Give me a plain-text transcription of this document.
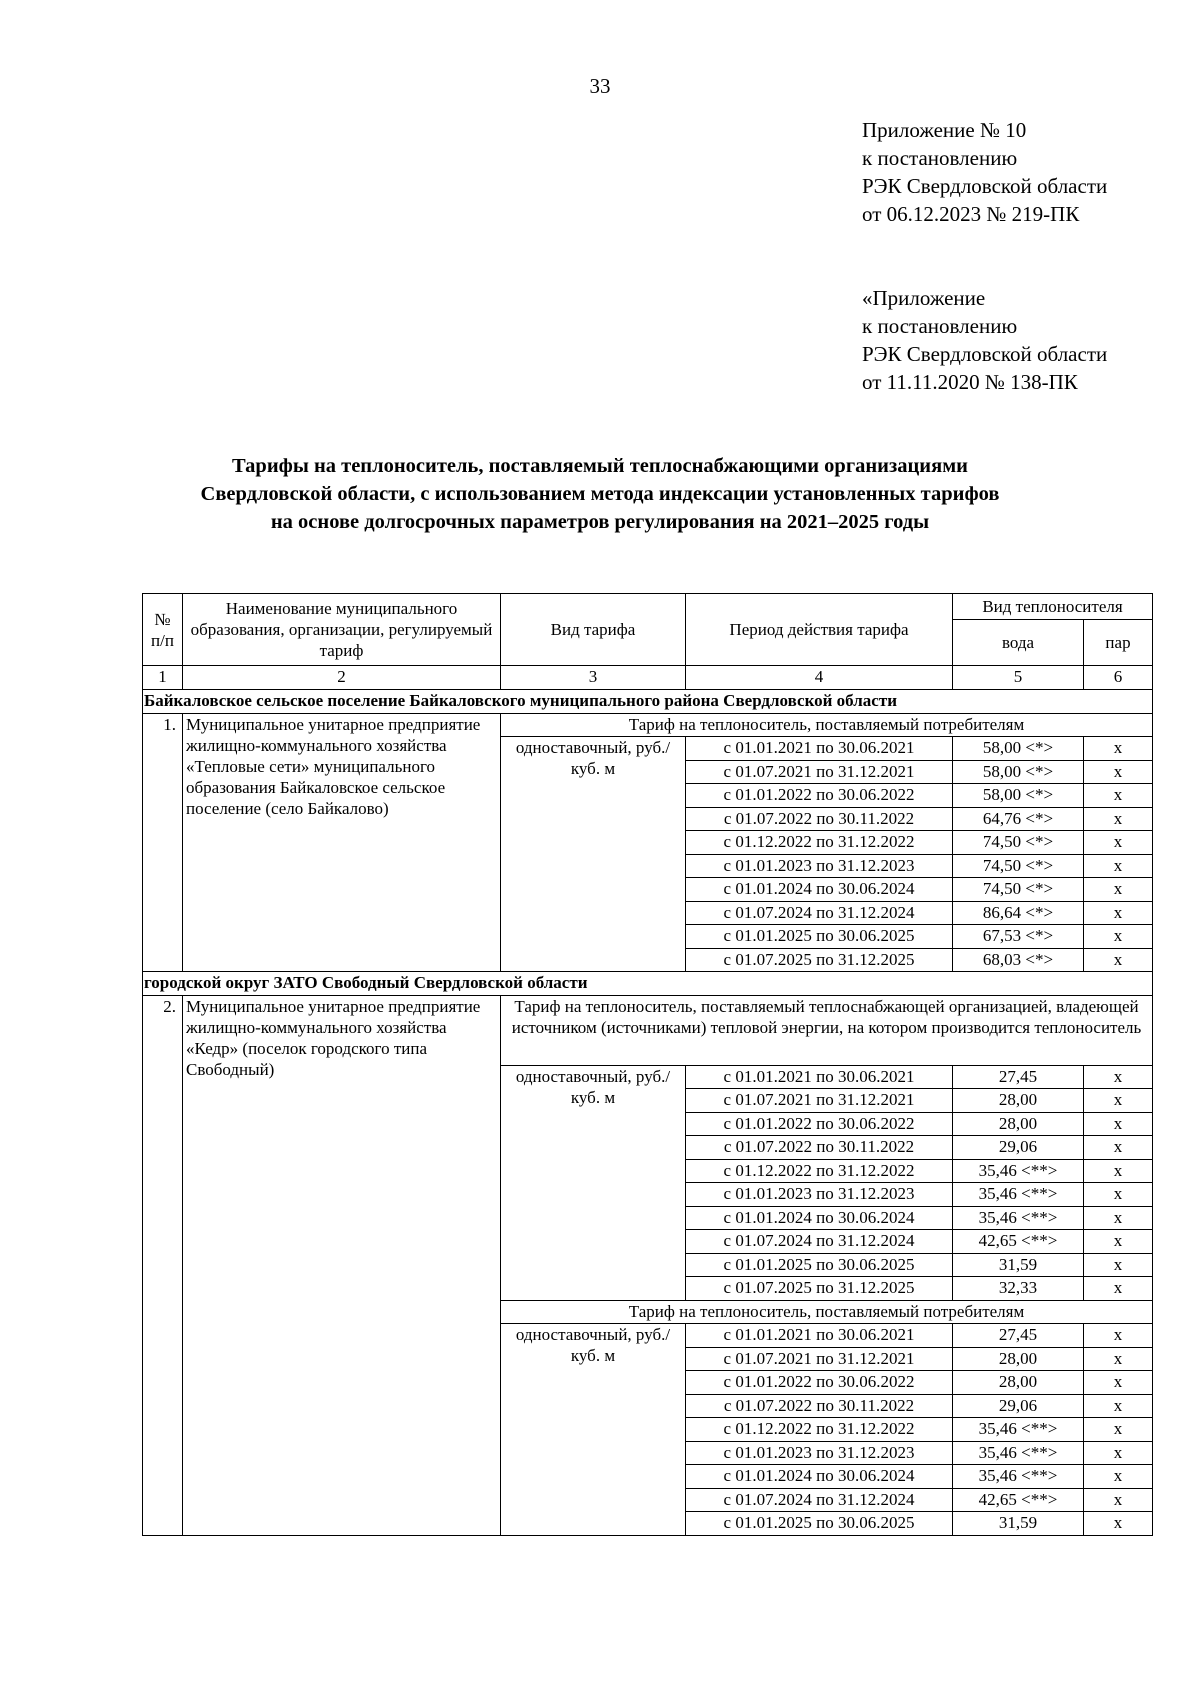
33
Приложение № 10
к постановлению
РЭК Свердловской области
от 06.12.2023 № 219-ПК
«Приложение
к постановлению
РЭК Свердловской области
от 11.11.2020 № 138-ПК
Тарифы на теплоноситель, поставляемый теплоснабжающими организациями
Свердловской области, с использованием метода индексации установленных тарифов
на основе долгосрочных параметров регулирования на 2021–2025 годы
№ п/п	Наименование муниципального образования, организации, регулируемый тариф	Вид тарифа	Период действия тарифа	Вид теплоносителя	
				вода	пар
1	2	3	4	5	6
Байкаловское сельское поселение Байкаловского муниципального района Свердловской области					
1.	Муниципальное унитарное предприятие жилищно-коммунального хозяйства «Тепловые сети» муниципального образования Байкаловское сельское поселение (село Байкалово)	Тариф на теплоноситель, поставляемый потребителям			
		одноставочный, руб./куб. м	с 01.01.2021 по 30.06.2021	58,00 <*>	х
			с 01.07.2021 по 31.12.2021	58,00 <*>	х
			с 01.01.2022 по 30.06.2022	58,00 <*>	х
			с 01.07.2022 по 30.11.2022	64,76 <*>	х
			с 01.12.2022 по 31.12.2022	74,50 <*>	х
			с 01.01.2023 по 31.12.2023	74,50 <*>	х
			с 01.01.2024 по 30.06.2024	74,50 <*>	х
			с 01.07.2024 по 31.12.2024	86,64 <*>	х
			с 01.01.2025 по 30.06.2025	67,53 <*>	х
			с 01.07.2025 по 31.12.2025	68,03 <*>	х
городской округ ЗАТО Свободный Свердловской области					
2.	Муниципальное унитарное предприятие жилищно-коммунального хозяйства «Кедр» (поселок городского типа Свободный)	Тариф на теплоноситель, поставляемый теплоснабжающей организацией, владеющей источником (источниками) тепловой энергии, на котором производится теплоноситель			
		одноставочный, руб./куб. м	с 01.01.2021 по 30.06.2021	27,45	х
			с 01.07.2021 по 31.12.2021	28,00	х
			с 01.01.2022 по 30.06.2022	28,00	х
			с 01.07.2022 по 30.11.2022	29,06	х
			с 01.12.2022 по 31.12.2022	35,46 <**>	х
			с 01.01.2023 по 31.12.2023	35,46 <**>	х
			с 01.01.2024 по 30.06.2024	35,46 <**>	х
			с 01.07.2024 по 31.12.2024	42,65 <**>	х
			с 01.01.2025 по 30.06.2025	31,59	х
			с 01.07.2025 по 31.12.2025	32,33	х
		Тариф на теплоноситель, поставляемый потребителям			
		одноставочный, руб./куб. м	с 01.01.2021 по 30.06.2021	27,45	х
			с 01.07.2021 по 31.12.2021	28,00	х
			с 01.01.2022 по 30.06.2022	28,00	х
			с 01.07.2022 по 30.11.2022	29,06	х
			с 01.12.2022 по 31.12.2022	35,46 <**>	х
			с 01.01.2023 по 31.12.2023	35,46 <**>	х
			с 01.01.2024 по 30.06.2024	35,46 <**>	х
			с 01.07.2024 по 31.12.2024	42,65 <**>	х
			с 01.01.2025 по 30.06.2025	31,59	х
